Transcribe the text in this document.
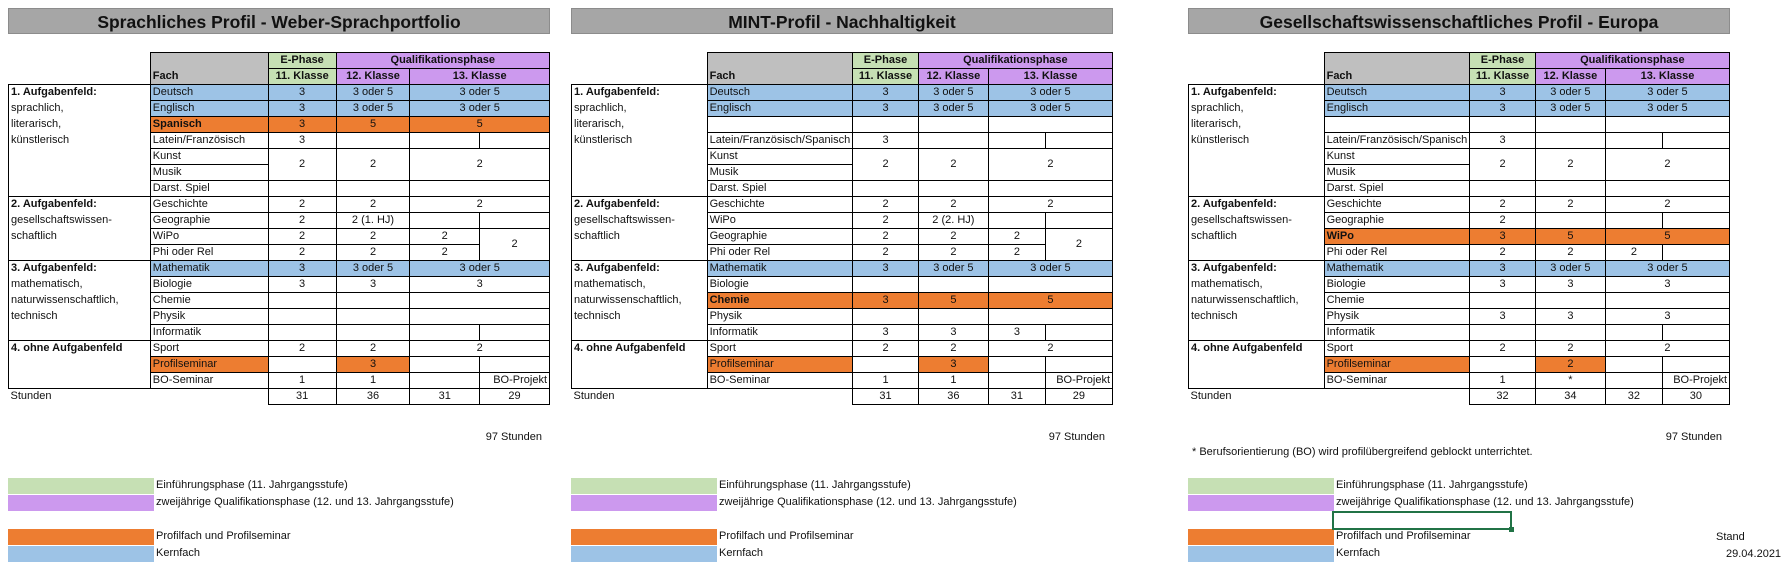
Sprachliches Profil - Weber-Sprachportfolio
	Fach	E-Phase	Qualifikationsphase		
		11. Klasse	12. Klasse	13. Klasse	
1. Aufgabenfeld:	Deutsch	3	3 oder 5	3 oder 5	
sprachlich,	Englisch	3	3 oder 5	3 oder 5	
literarisch,	Spanisch	3	5	5	
künstlerisch	Latein/Französisch	3			
	Kunst	2	2	2	
	Musik				
	Darst. Spiel				
2. Aufgabenfeld:	Geschichte	2	2	2	
gesellschaftswissen-	Geographie	2	2 (1. HJ)		
schaftlich	WiPo	2	2	2	2
	Phi oder Rel	2	2	2	
3. Aufgabenfeld:	Mathematik	3	3 oder 5	3 oder 5	
mathematisch,	Biologie	3	3	3	
naturwissenschaftlich,	Chemie				
technisch	Physik				
	Informatik				
4. ohne Aufgabenfeld	Sport	2	2	2	
	Profilseminar		3		
	BO-Seminar	1	1		BO-Projekt
Stunden		31	36	31	29
97 Stunden
MINT-Profil - Nachhaltigkeit
	Fach	E-Phase	Qualifikationsphase		
		11. Klasse	12. Klasse	13. Klasse	
1. Aufgabenfeld:	Deutsch	3	3 oder 5	3 oder 5	
sprachlich,	Englisch	3	3 oder 5	3 oder 5	
literarisch,					
künstlerisch	Latein/Französisch/Spanisch	3			
	Kunst	2	2	2	
	Musik				
	Darst. Spiel				
2. Aufgabenfeld:	Geschichte	2	2	2	
gesellschaftswissen-	WiPo	2	2 (2. HJ)		
schaftlich	Geographie	2	2	2	2
	Phi oder Rel	2	2	2	
3. Aufgabenfeld:	Mathematik	3	3 oder 5	3 oder 5	
mathematisch,	Biologie				
naturwissenschaftlich,	Chemie	3	5	5	
technisch	Physik				
	Informatik	3	3	3	
4. ohne Aufgabenfeld	Sport	2	2	2	
	Profilseminar		3		
	BO-Seminar	1	1		BO-Projekt
Stunden		31	36	31	29
97 Stunden
Gesellschaftswissenschaftliches Profil - Europa
	Fach	E-Phase	Qualifikationsphase		
		11. Klasse	12. Klasse	13. Klasse	
1. Aufgabenfeld:	Deutsch	3	3 oder 5	3 oder 5	
sprachlich,	Englisch	3	3 oder 5	3 oder 5	
literarisch,					
künstlerisch	Latein/Französisch/Spanisch	3			
	Kunst	2	2	2	
	Musik				
	Darst. Spiel				
2. Aufgabenfeld:	Geschichte	2	2	2	
gesellschaftswissen-	Geographie	2			
schaftlich	WiPo	3	5	5	
	Phi oder Rel	2	2	2	
3. Aufgabenfeld:	Mathematik	3	3 oder 5	3 oder 5	
mathematisch,	Biologie	3	3	3	
naturwissenschaftlich,	Chemie				
technisch	Physik	3	3	3	
	Informatik				
4. ohne Aufgabenfeld	Sport	2	2	2	
	Profilseminar		2		
	BO-Seminar	1	*		BO-Projekt
Stunden		32	34	32	30
97 Stunden
* Berufsorientierung (BO) wird profilübergreifend geblockt unterrichtet.
Einführungsphase (11. Jahrgangsstufe)
zweijährige Qualifikationsphase (12. und 13. Jahrgangsstufe)
Profilfach und Profilseminar
Kernfach
Einführungsphase (11. Jahrgangsstufe)
zweijährige Qualifikationsphase (12. und 13. Jahrgangsstufe)
Profilfach und Profilseminar
Kernfach
Einführungsphase (11. Jahrgangsstufe)
zweijährige Qualifikationsphase (12. und 13. Jahrgangsstufe)
Profilfach und Profilseminar
Kernfach
Stand
29.04.2021
